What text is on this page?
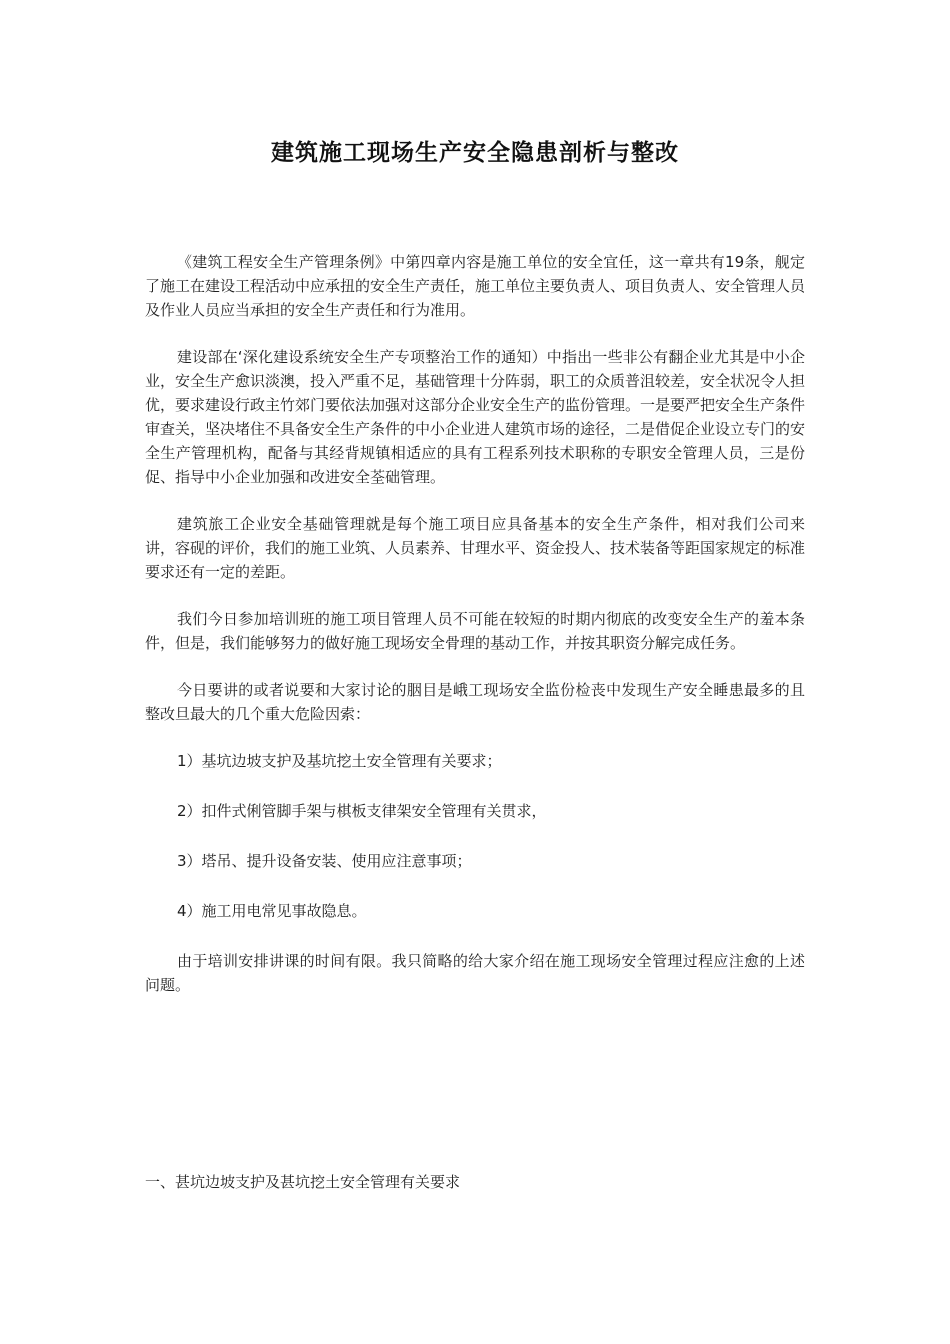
建筑施工现场生产安全隐患剖析与整改

《建筑工程安全生产管理条例》中第四章内容是施工单位的安全宜任，这一章共有19条，舰定了施工在建设工程活动中应承扭的安全生产责任，施工单位主要负责人、项目负责人、安全管理人员及作业人员应当承担的安全生产责任和行为准用。

建设部在‘深化建设系统安全生产专项整治工作的通知）中指出一些非公有翻企业尤其是中小企业，安全生产愈识淡澳，投入严重不足，基础管理十分阵弱，职工的众质普沮较差，安全状况令人担优，要求建设行政主竹郊门要依法加强对这部分企业安全生产的监份管理。一是要严把安全生产条件审查关，坚决堵住不具备安全生产条件的中小企业进人建筑市场的途径，二是借促企业设立专门的安全生产管理机构，配备与其经背规镇相适应的具有工程系列技术职称的专职安全管理人员，三是份促、指导中小企业加强和改进安全荃础管理。

建筑旅工企业安全基础管理就是每个施工项目应具备基本的安全生产条件，相对我们公司来讲，容砚的评价，我们的施工业筑、人员素养、甘理水平、资金投人、技术装备等距国家规定的标准要求还有一定的差距。

我们今日参加培训班的施工项目管理人员不可能在较短的时期内彻底的改变安全生产的羞本条件，但是，我们能够努力的做好施工现场安全骨理的基动工作，并按其职资分解完成任务。

今日要讲的或者说要和大家讨论的胭目是峨工现场安全监份检丧中发现生产安全睡患最多的且整改旦最大的几个重大危险因索：

1）基坑边坡支护及基坑挖土安全管理有关要求；

2）扣件式俐管脚手架与棋板支律架安全管理有关贯求，

3）塔吊、提升设备安装、使用应注意事项；

4）施工用电常见事故隐息。

由于培训安排讲课的时间有限。我只简略的给大家介绍在施工现场安全管理过程应注愈的上述问题。

一、甚坑边坡支护及甚坑挖土安全管理有关要求
